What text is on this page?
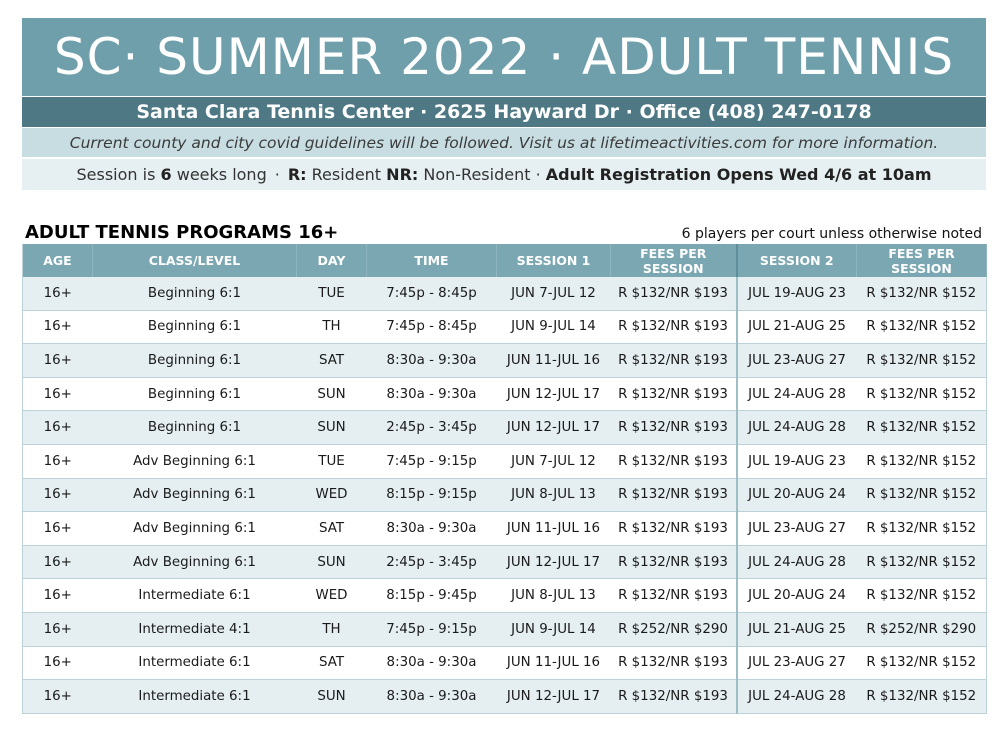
SC· SUMMER 2022 · ADULT TENNIS
Santa Clara Tennis Center · 2625 Hayward Dr · Office (408) 247-0178
Current county and city covid guidelines will be followed. Visit us at lifetimeactivities.com for more information.
Session is
6
weeks long · R:
Resident
NR:
Non-Resident ·
Adult Registration Opens Wed 4/6 at 10am
ADULT TENNIS PROGRAMS 16+	6 players per court unless otherwise noted
AGE	CLASS/LEVEL	DAY	TIME	SESSION 1	FEES PER SESSION	SESSION 2	FEES PER SESSION
16+	Beginning 6:1	TUE	7:45p - 8:45p	JUN 7-JUL 12	R $132/NR $193	JUL 19-AUG 23	R $132/NR $152
16+	Beginning 6:1	TH	7:45p - 8:45p	JUN 9-JUL 14	R $132/NR $193	JUL 21-AUG 25	R $132/NR $152
16+	Beginning 6:1	SAT	8:30a - 9:30a	JUN 11-JUL 16	R $132/NR $193	JUL 23-AUG 27	R $132/NR $152
16+	Beginning 6:1	SUN	8:30a - 9:30a	JUN 12-JUL 17	R $132/NR $193	JUL 24-AUG 28	R $132/NR $152
16+	Beginning 6:1	SUN	2:45p - 3:45p	JUN 12-JUL 17	R $132/NR $193	JUL 24-AUG 28	R $132/NR $152
16+	Adv Beginning 6:1	TUE	7:45p - 9:15p	JUN 7-JUL 12	R $132/NR $193	JUL 19-AUG 23	R $132/NR $152
16+	Adv Beginning 6:1	WED	8:15p - 9:15p	JUN 8-JUL 13	R $132/NR $193	JUL 20-AUG 24	R $132/NR $152
16+	Adv Beginning 6:1	SAT	8:30a - 9:30a	JUN 11-JUL 16	R $132/NR $193	JUL 23-AUG 27	R $132/NR $152
16+	Adv Beginning 6:1	SUN	2:45p - 3:45p	JUN 12-JUL 17	R $132/NR $193	JUL 24-AUG 28	R $132/NR $152
16+	Intermediate 6:1	WED	8:15p - 9:45p	JUN 8-JUL 13	R $132/NR $193	JUL 20-AUG 24	R $132/NR $152
16+	Intermediate 4:1	TH	7:45p - 9:15p	JUN 9-JUL 14	R $252/NR $290	JUL 21-AUG 25	R $252/NR $290
16+	Intermediate 6:1	SAT	8:30a - 9:30a	JUN 11-JUL 16	R $132/NR $193	JUL 23-AUG 27	R $132/NR $152
16+	Intermediate 6:1	SUN	8:30a - 9:30a	JUN 12-JUL 17	R $132/NR $193	JUL 24-AUG 28	R $132/NR $152
